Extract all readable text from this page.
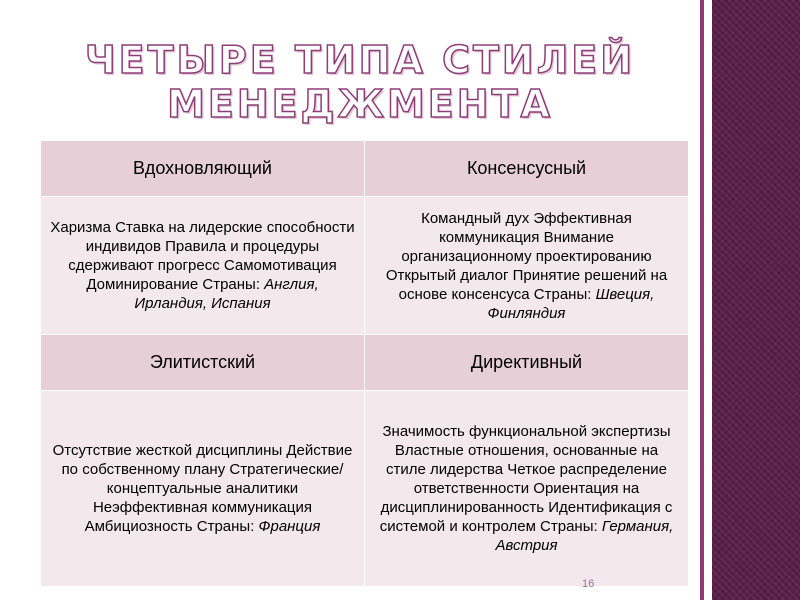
ЧЕТЫРЕ ТИПА СТИЛЕЙ МЕНЕДЖМЕНТА
Вдохновляющий	Консенсусный
Харизма Ставка на лидерские способности индивидов Правила и процедуры сдерживают прогресс Самомотивация Доминирование Страны: Англия, Ирландия, Испания	Командный дух Эффективная коммуникация Внимание организационному проектированию Открытый диалог Принятие решений на основе консенсуса Страны: Швеция, Финляндия
Элитистский	Директивный
Отсутствие жесткой дисциплины Действие по собственному плану Стратегические/концептуальные аналитики Неэффективная коммуникация Амбициозность Страны: Франция	Значимость функциональной экспертизы Властные отношения, основанные на стиле лидерства Четкое распределение ответственности Ориентация на дисциплинированность Идентификация с системой и контролем Страны: Германия, Австрия
16
